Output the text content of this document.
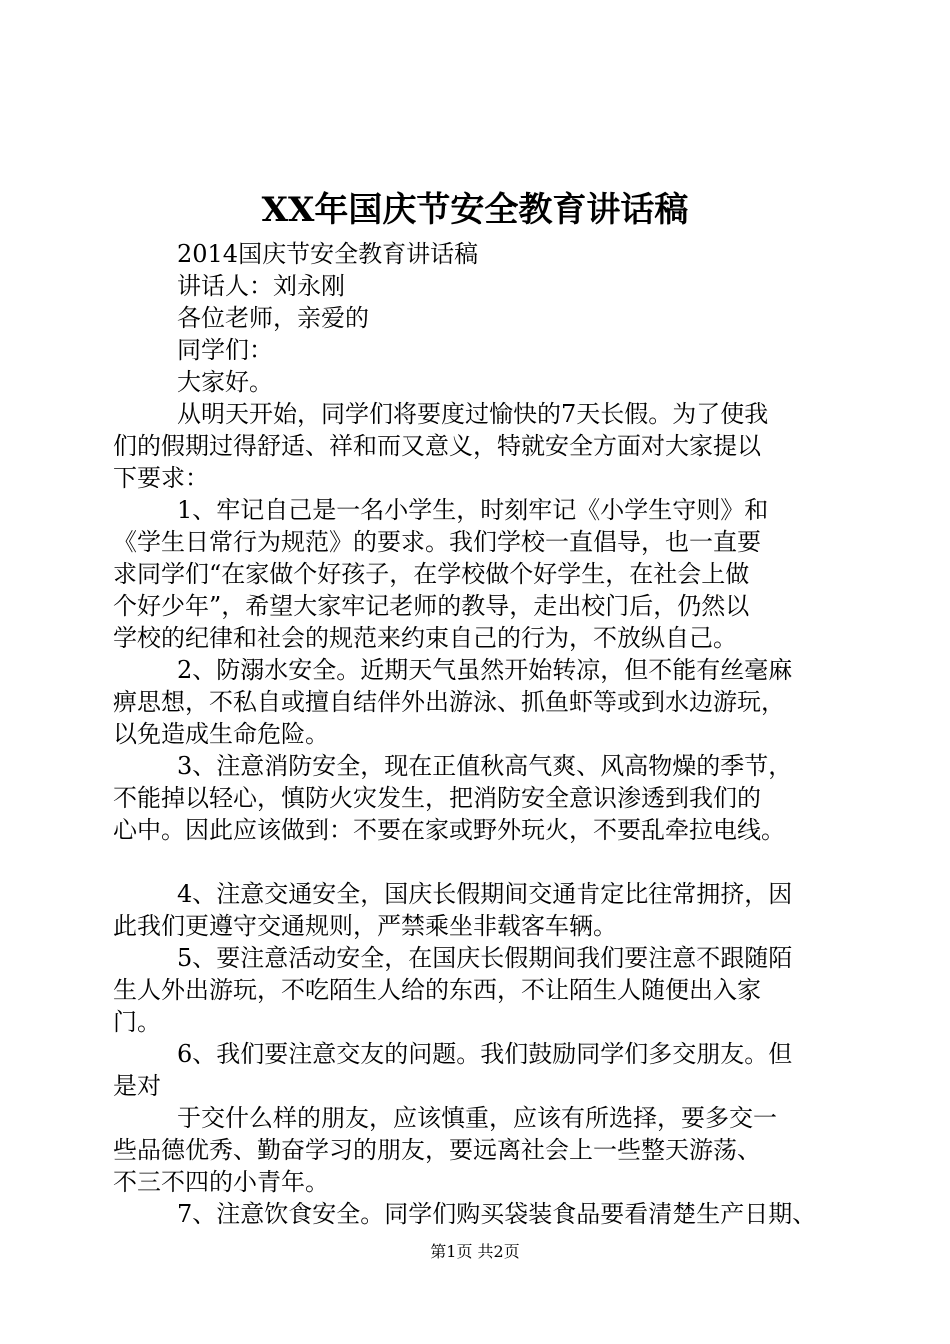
XX年国庆节安全教育讲话稿

2014国庆节安全教育讲话稿

讲话人：刘永刚

各位老师，亲爱的

同学们：

大家好。

从明天开始，同学们将要度过愉快的7天长假。为了使我

们的假期过得舒适、祥和而又意义，特就安全方面对大家提以

下要求：

1、牢记自己是一名小学生，时刻牢记《小学生守则》和

《学生日常行为规范》的要求。我们学校一直倡导，也一直要

求同学们“在家做个好孩子，在学校做个好学生，在社会上做

个好少年”，希望大家牢记老师的教导，走出校门后，仍然以

学校的纪律和社会的规范来约束自己的行为，不放纵自己。

2、防溺水安全。近期天气虽然开始转凉，但不能有丝毫麻

痹思想，不私自或擅自结伴外出游泳、抓鱼虾等或到水边游玩，

以免造成生命危险。

3、注意消防安全，现在正值秋高气爽、风高物燥的季节，

不能掉以轻心，慎防火灾发生，把消防安全意识渗透到我们的

心中。因此应该做到：不要在家或野外玩火，不要乱牵拉电线。

4、注意交通安全，国庆长假期间交通肯定比往常拥挤，因

此我们更遵守交通规则，严禁乘坐非载客车辆。

5、要注意活动安全，在国庆长假期间我们要注意不跟随陌

生人外出游玩，不吃陌生人给的东西，不让陌生人随便出入家

门。

6、我们要注意交友的问题。我们鼓励同学们多交朋友。但

是对

于交什么样的朋友，应该慎重，应该有所选择，要多交一

些品德优秀、勤奋学习的朋友，要远离社会上一些整天游荡、

不三不四的小青年。

7、注意饮食安全。同学们购买袋装食品要看清楚生产日期、

第1页 共2页
